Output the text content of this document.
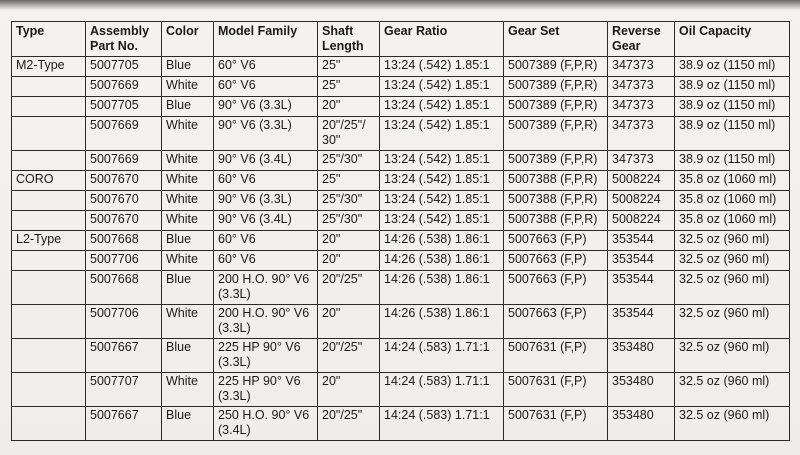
Type	Assembly Part No.	Color	Model Family	Shaft Length	Gear Ratio	Gear Set	Reverse Gear	Oil Capacity
M2-Type	5007705	Blue	60° V6	25"	13:24 (.542) 1.85:1	5007389 (F,P,R)	347373	38.9 oz (1150 ml)
	5007669	White	60° V6	25"	13:24 (.542) 1.85:1	5007389 (F,P,R)	347373	38.9 oz (1150 ml)
	5007705	Blue	90° V6 (3.3L)	20"	13:24 (.542) 1.85:1	5007389 (F,P,R)	347373	38.9 oz (1150 ml)
	5007669	White	90° V6 (3.3L)	20"/25"/ 30"	13:24 (.542) 1.85:1	5007389 (F,P,R)	347373	38.9 oz (1150 ml)
	5007669	White	90° V6 (3.4L)	25"/30"	13:24 (.542) 1.85:1	5007389 (F,P,R)	347373	38.9 oz (1150 ml)
CORO	5007670	White	60° V6	25"	13:24 (.542) 1.85:1	5007388 (F,P,R)	5008224	35.8 oz (1060 ml)
	5007670	White	90° V6 (3.3L)	25"/30"	13:24 (.542) 1.85:1	5007388 (F,P,R)	5008224	35.8 oz (1060 ml)
	5007670	White	90° V6 (3.4L)	25"/30"	13:24 (.542) 1.85:1	5007388 (F,P,R)	5008224	35.8 oz (1060 ml)
L2-Type	5007668	Blue	60° V6	20"	14:26 (.538) 1.86:1	5007663 (F,P)	353544	32.5 oz (960 ml)
	5007706	White	60° V6	20"	14:26 (.538) 1.86:1	5007663 (F,P)	353544	32.5 oz (960 ml)
	5007668	Blue	200 H.O. 90° V6 (3.3L)	20"/25"	14:26 (.538) 1.86:1	5007663 (F,P)	353544	32.5 oz (960 ml)
	5007706	White	200 H.O. 90° V6 (3.3L)	20"	14:26 (.538) 1.86:1	5007663 (F,P)	353544	32.5 oz (960 ml)
	5007667	Blue	225 HP 90° V6 (3.3L)	20"/25"	14:24 (.583) 1.71:1	5007631 (F,P)	353480	32.5 oz (960 ml)
	5007707	White	225 HP 90° V6 (3.3L)	20"	14:24 (.583) 1.71:1	5007631 (F,P)	353480	32.5 oz (960 ml)
	5007667	Blue	250 H.O. 90° V6 (3.4L)	20"/25"	14:24 (.583) 1.71:1	5007631 (F,P)	353480	32.5 oz (960 ml)
